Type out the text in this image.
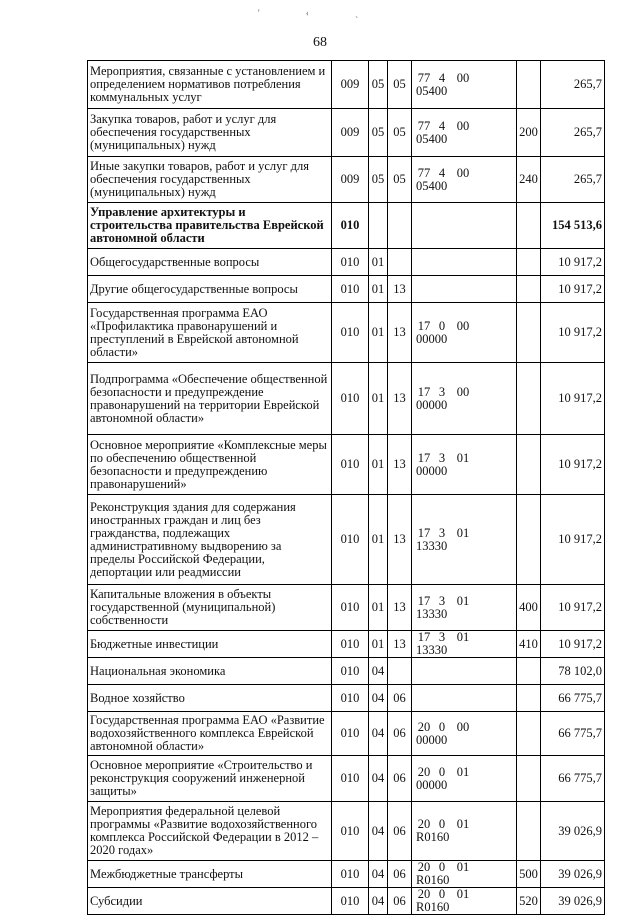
' ‹ ˎ
68
Мероприятия, связанные с установлением и определением нормативов потребления коммунальных услуг	009	05	05	77 4 0005400		265,7
Закупка товаров, работ и услуг для обеспечения государственных (муниципальных) нужд	009	05	05	77 4 0005400	200	265,7
Иные закупки товаров, работ и услуг для обеспечения государственных (муниципальных) нужд	009	05	05	77 4 0005400	240	265,7
Управление архитектуры и строительства правительства Еврейской автономной области	010					154 513,6
Общегосударственные вопросы	010	01				10 917,2
Другие общегосударственные вопросы	010	01	13			10 917,2
Государственная программа ЕАО «Профилактика правонарушений и преступлений в Еврейской автономной области»	010	01	13	17 0 0000000		10 917,2
Подпрограмма «Обеспечение общественной безопасности и предупреждение правонарушений на территории Еврейской автономной области»	010	01	13	17 3 0000000		10 917,2
Основное мероприятие «Комплексные меры по обеспечению общественной безопасности и предупреждению правонарушений»	010	01	13	17 3 0100000		10 917,2
Реконструкция здания для содержания иностранных граждан и лиц без гражданства, подлежащих административному выдворению за пределы Российской Федерации, депортации или реадмиссии	010	01	13	17 3 0113330		10 917,2
Капитальные вложения в объекты государственной (муниципальной) собственности	010	01	13	17 3 0113330	400	10 917,2
Бюджетные инвестиции	010	01	13	17 3 0113330	410	10 917,2
Национальная экономика	010	04				78 102,0
Водное хозяйство	010	04	06			66 775,7
Государственная программа ЕАО «Развитие водохозяйственного комплекса Еврейской автономной области»	010	04	06	20 0 0000000		66 775,7
Основное мероприятие «Строительство и реконструкция сооружений инженерной защиты»	010	04	06	20 0 0100000		66 775,7
Мероприятия федеральной целевой программы «Развитие водохозяйственного комплекса Российской Федерации в 2012 – 2020 годах»	010	04	06	20 0 01R0160		39 026,9
Межбюджетные трансферты	010	04	06	20 0 01R0160	500	39 026,9
Субсидии	010	04	06	20 0 01R0160	520	39 026,9
